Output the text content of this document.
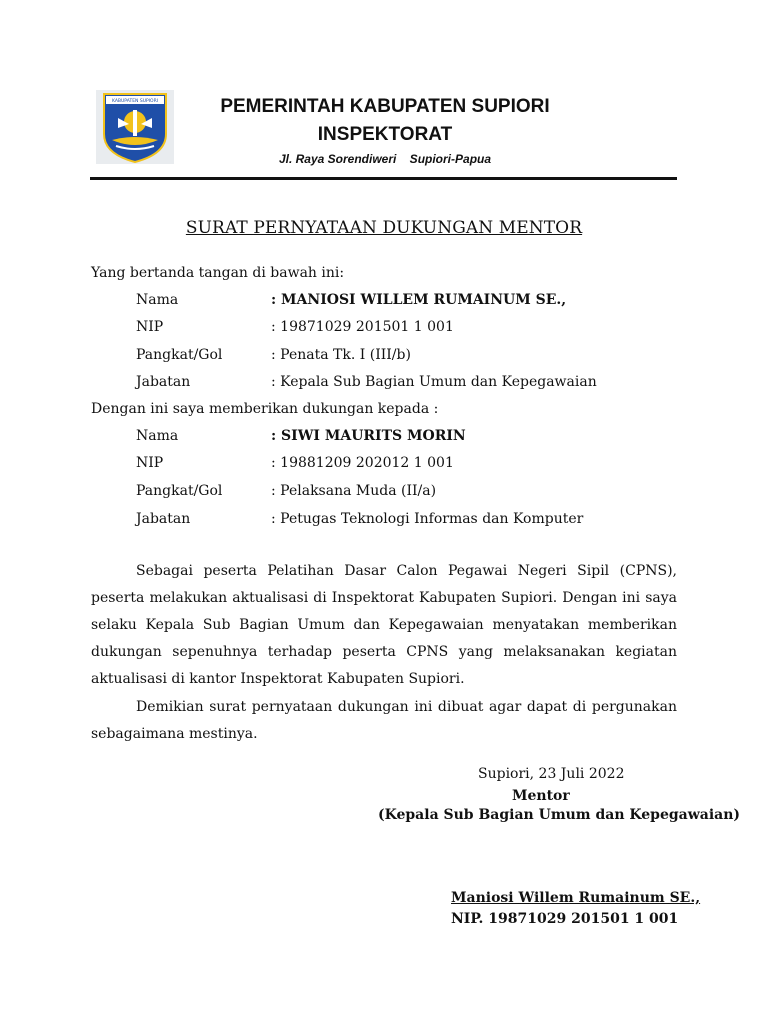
KABUPATEN SUPIORI	PEMERINTAH KABUPATEN SUPIORI
INSPEKTORAT
Jl. Raya Sorendiweri    Supiori-Papua
SURAT PERNYATAAN DUKUNGAN MENTOR
Yang bertanda tangan di bawah ini:
Nama	: MANIOSI WILLEM RUMAINUM SE.,
NIP	: 19871029 201501 1 001
Pangkat/Gol	: Penata Tk. I (III/b)
Jabatan	: Kepala Sub Bagian Umum dan Kepegawaian
Dengan ini saya memberikan dukungan kepada :
Nama	: SIWI MAURITS MORIN
NIP	: 19881209 202012 1 001
Pangkat/Gol	: Pelaksana Muda (II/a)
Jabatan	: Petugas Teknologi Informas dan Komputer
Sebagai peserta Pelatihan Dasar Calon Pegawai Negeri Sipil (CPNS), peserta melakukan aktualisasi di Inspektorat Kabupaten Supiori. Dengan ini saya selaku Kepala Sub Bagian Umum dan Kepegawaian menyatakan memberikan dukungan sepenuhnya terhadap peserta CPNS yang melaksanakan kegiatan aktualisasi di kantor Inspektorat Kabupaten Supiori.
Demikian surat pernyataan dukungan ini dibuat agar dapat di pergunakan sebagaimana mestinya.
Supiori, 23 Juli 2022
Mentor
(Kepala Sub Bagian Umum dan Kepegawaian)
Maniosi Willem Rumainum SE.,
NIP. 19871029 201501 1 001
